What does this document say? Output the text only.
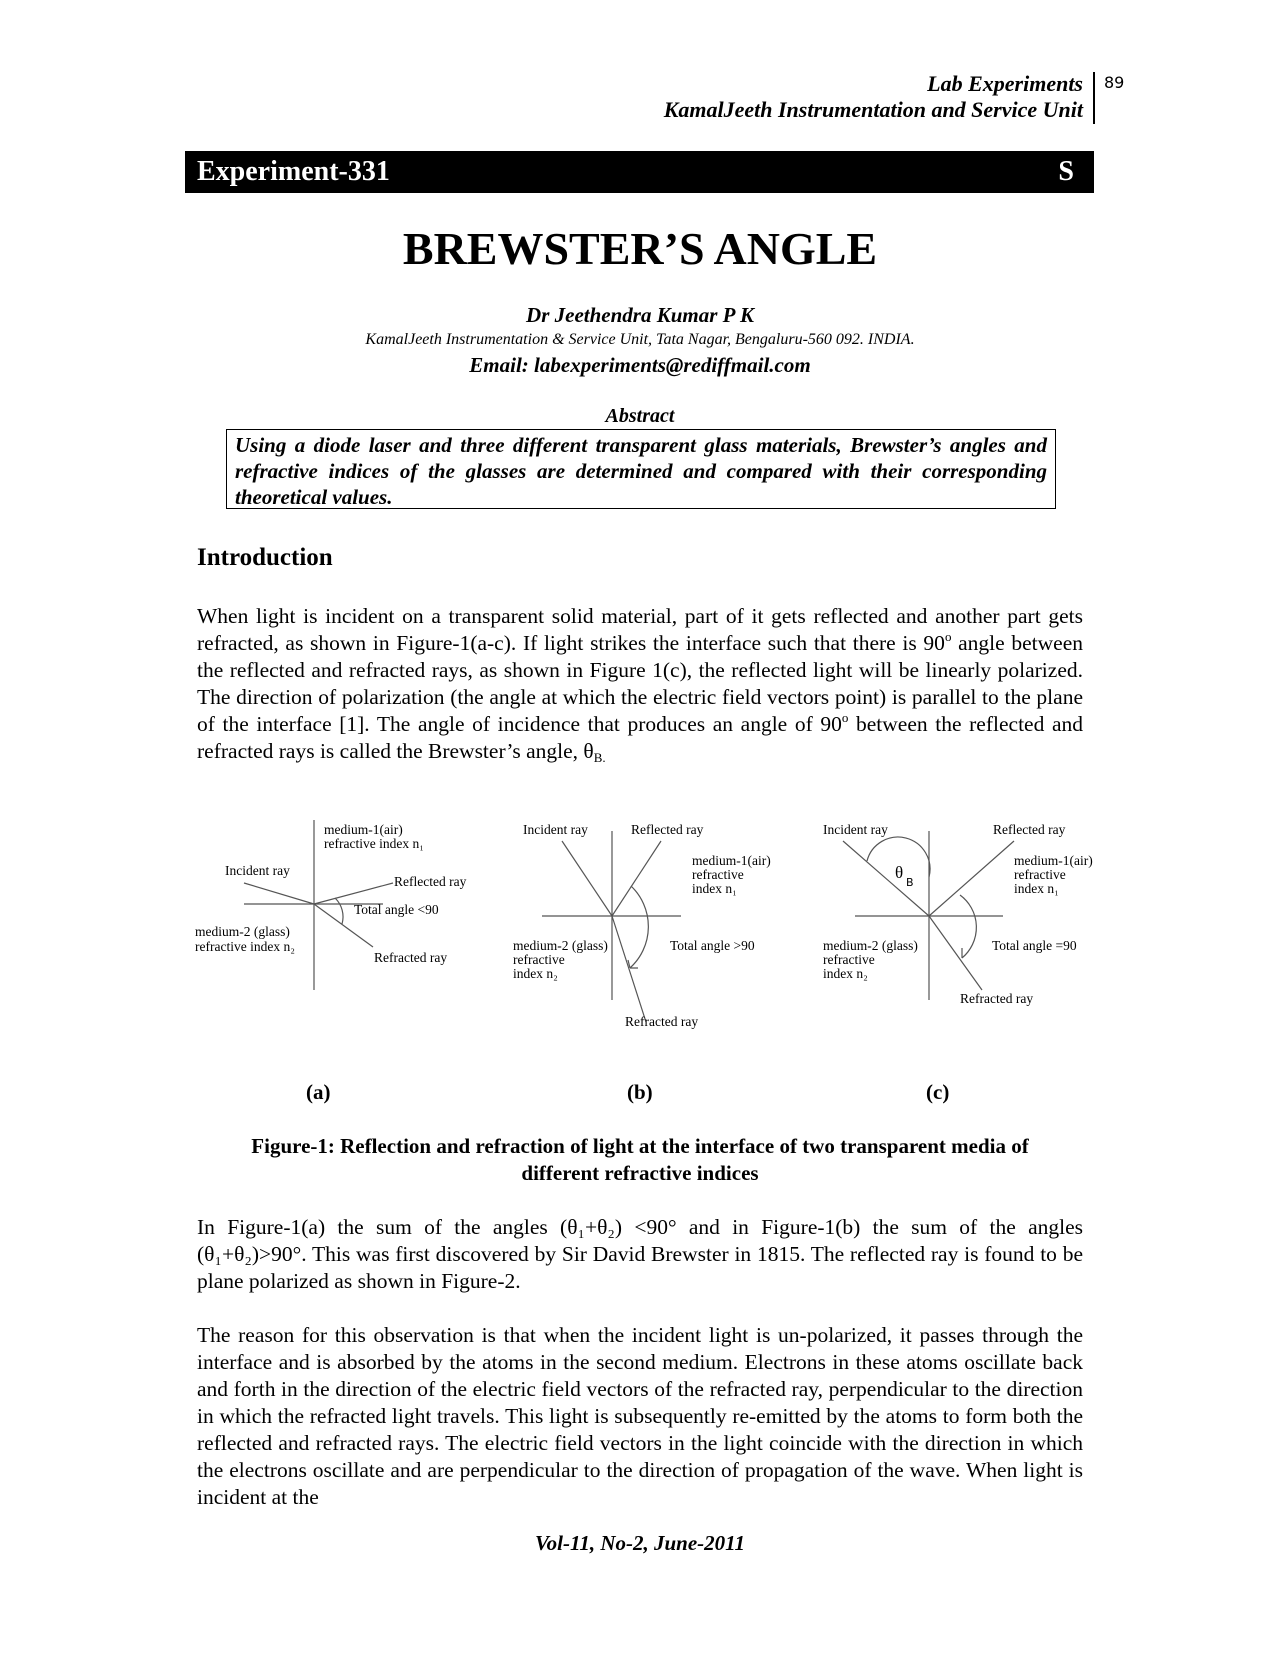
Lab Experiments
KamalJeeth Instrumentation and Service Unit
89
Experiment-331	S
BREWSTER’S ANGLE
Dr Jeethendra Kumar P K
KamalJeeth Instrumentation & Service Unit, Tata Nagar, Bengaluru-560 092. INDIA.
Email: labexperiments@rediffmail.com
Abstract
Using a diode laser and three different transparent glass materials, Brewster’s angles and refractive indices of the glasses are determined and compared with their corresponding theoretical values.
Introduction
When light is incident on a transparent solid material, part of it gets reflected and another part gets refracted, as shown in Figure-1(a-c). If light strikes the interface such that there is 90$^o$ angle between the reflected and refracted rays, as shown in Figure 1(c), the reflected light will be linearly polarized. The direction of polarization (the angle at which the electric field vectors point) is parallel to the plane of the interface [1]. The angle of incidence that produces an angle of 90$^o$ between the reflected and refracted rays is called the Brewster’s angle, $\theta_{B.}$
medium-1(air)
refractive index n₁
Incident ray
Reflected ray
Total angle <90
medium-2 (glass)
refractive index n₂
Refracted ray
Incident ray	Reflected ray
medium-1(air)
refractive
index n₁
medium-2 (glass)
refractive
index n₂
Total angle >90
Refracted ray
Incident ray	Reflected ray
θ
B
medium-1(air)
refractive
index n₁
medium-2 (glass)
refractive
index n₂
Total angle =90
Refracted ray
(a)	(b)	(c)
Figure-1: Reflection and refraction of light at the interface of two transparent media of
different refractive indices
In Figure-1(a) the sum of the angles (θ₁+θ₂) <90° and in Figure-1(b) the sum of the angles (θ₁+θ₂)>90°. This was first discovered by Sir David Brewster in 1815. The reflected ray is found to be plane polarized as shown in Figure-2.
The reason for this observation is that when the incident light is un-polarized, it passes through the interface and is absorbed by the atoms in the second medium. Electrons in these atoms oscillate back and forth in the direction of the electric field vectors of the refracted ray, perpendicular to the direction in which the refracted light travels. This light is subsequently re-emitted by the atoms to form both the reflected and refracted rays. The electric field vectors in the light coincide with the direction in which the electrons oscillate and are perpendicular to the direction of propagation of the wave. When light is incident at the
Vol-11, No-2, June-2011
